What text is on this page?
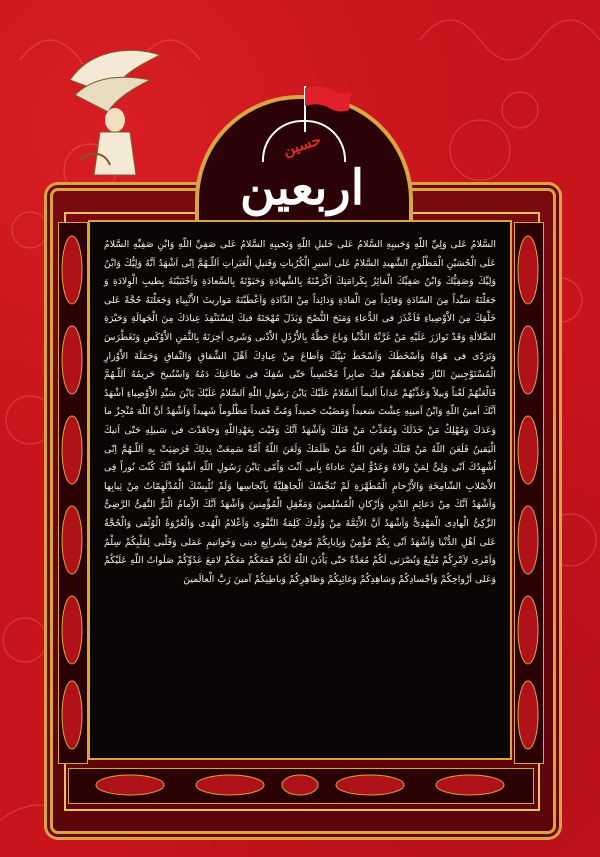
حسین
اربعین

السَّلامُ عَلى وَلِيِّ اللّهِ وَحَبيبِهِ السَّلامُ عَلى خَليلِ اللّهِ وَنَجيبِهِ السَّلامُ عَلى صَفِيِّ اللّهِ وَابْنِ صَفِيِّهِ السَّلامُ عَلَى الْحُسَيْنِ الْمَظْلُومِ الشَّهيدِ السَّلامُ عَلى اَسيرِ الْكُرُباتِ وَقَتيلِ الْعَبَراتِ اَللّـهُمَّ اِنّى اَشْهَدُ اَنَّهُ وَلِيُّكَ وَابْنُ وَلِيِّكَ وَصَفِيُّكَ وَابْنُ صَفِيِّكَ الْفائِزُ بِكَرامَتِكَ اَكْرَمْتَهُ بِالشَّهادَةِ وَحَبَوْتَهُ بِالسَّعادَةِ وَاَجْتَبَيْتَهُ بِطيبِ الْوِلادَةِ وَ جَعَلْتَهُ سَيِّداً مِنَ السّادَةِ وَقائِداً مِنَ الْقادَةِ وَذائِداً مِنْ الذّادَةِ وَاَعْطَيْتَهُ مَواريثَ الاَْنْبِياءِ وَجَعَلْتَهُ حُجَّةً عَلى خَلْقِكَ مِنَ الاَْوْصِياءِ فَاَعْذَرَ فى الدُّعاءِ وَمَنَحَ النُّصْحَ وَبَذَلَ مُهْجَتَهُ فيكَ لِيَسْتَنْقِذَ عِبادَكَ مِنَ الْجَهالَةِ وَحَيْرَةِ الضَّلالَةِ وَقَدْ تَوازَرَ عَلَيْهِ مَنْ غَرَّتْهُ الدُّنْيا وَباعَ حَظَّهُ بِالاَْرْذَلِ الاَْدْنى وَشَرى آخِرَتَهُ بِالثَّمَنِ الاَْوْكَسِ وَتَغَطْرَسَ وَتَرَدّى فى هَواهُ وَاَسْخَطَكَ وَاَسْخَطَ نَبِيَّكَ وَاَطاعَ مِنْ عِبادِكَ اَهْلَ الشِّقاقِ وَالنِّفاقِ وَحَمَلَةَ الاَْوْزارِ الْمُسْتَوْجِبينَ النّارَ فَجاهَدَهُمْ فيكَ صابِراً مُحْتَسِباً حَتّى سُفِكَ فى طاعَتِكَ دَمُهُ وَاسْتُبيحَ حَريمُهُ اَللّـهُمَّ فَالْعَنْهُمْ لَعْناً وَبيلاً وَعَذِّبْهُمْ عَذاباً اَليماً اَلسَّلامُ عَلَيْكَ يَابْنَ رَسُولِ اللّهِ اَلسَّلامُ عَلَيْكَ يَابْنَ سَيِّدِ الاَْوْصِياءِ اَشْهَدُ اَنَّكَ اَمينُ اللّهِ وَابْنُ اَمينِهِ عِشْتَ سَعيداً وَمَضَيْتَ حَميداً وَمُتَّ فَقيداً مَظْلُوماً شَهيداً وَاَشْهَدُ اَنَّ اللّهَ مُنْجِزٌ ما وَعَدَكَ وَمُهْلِكٌ مَنْ خَذَلَكَ وَمُعَذِّبٌ مَنْ قَتَلَكَ وَاَشْهَدُ اَنَّكَ وَفَيْتَ بِعَهْدِاللّهِ وَجاهَدْتَ فى سَبيلِهِ حَتّى اَتيكَ الْيَقينُ فَلَعَنَ اللّهُ مَنْ قَتَلَكَ وَلَعَنَ اللّهُ مَنْ ظَلَمَكَ وَلَعَنَ اللّهُ اُمَّةً سَمِعَتْ بِذلِكَ فَرَضِيَتْ بِهِ اَللّـهُمَّ اِنّى اُشْهِدُكَ اَنّى وَلِىٌّ لِمَنْ والاهُ وَعَدُوٌّ لِمَنْ عاداهُ بِاَبى اَنْتَ وَاُمّى يَابْنَ رَسُولِ اللّهِ اَشْهَدُ اَنَّكَ كُنْتَ نُوراً فِى الاَْصْلابِ الشّامِخَةِ وَالاَْرْحامِ الْمُطَهَّرَةِ لَمْ تُنَجِّسْكَ الْجاهِلِيَّةُ بِاَنْجاسِها وَلَمْ تُلْبِسْكَ الْمُدْلَهِمّاتُ مِنْ ثِيابِها وَاَشْهَدُ اَنَّكَ مِنْ دَعائِمِ الدّينِ وَاَرْكانِ الْمُسْلِمينَ وَمَعْقِلِ الْمُؤْمِنينَ وَاَشْهَدُ اَنَّكَ الاِْمامُ الْبَرُّ التَّقِىُّ الرَّضِىُّ الزَّكِىُّ الْهادِى الْمَهْدِىُّ وَاَشْهَدُ اَنَّ الاَْئِمَّةَ مِنْ وُلْدِكَ كَلِمَةُ التَّقْوى وَاَعْلامُ الْهُدى وَالْعُرْوَةُ الْوُثْقى وَالْحُجَّةُ عَلى اَهْلِ الدُّنْيا وَاَشْهَدُ اَنّى بِكُمْ مُؤْمِنٌ وَبِاِيابِكُمْ مُوقِنٌ بِشَرايِعِ دينى وَخَواتيمِ عَمَلى وَقَلْبى لِقَلْبِكُمْ سِلْمٌ وَاَمْرى لاَِمْرِكُمْ مُتَّبِعٌ وَنُصْرَتى لَكُمْ مُعَدَّةٌ حَتّى يَاْذَنَ اللّهُ لَكُمْ فَمَعَكُمْ مَعَكُمْ لامَعَ عَدُوِّكُمْ صَلَواتُ اللّهِ عَلَيْكُمْ وَعَلى اَرْواحِكُمْ وَاَجْسادِكُمْ وَشاهِدِكُمْ وَغائِبِكُمْ وَظاهِرِكُمْ وَباطِنِكُمْ آمينَ رَبَّ الْعالَمينَ
